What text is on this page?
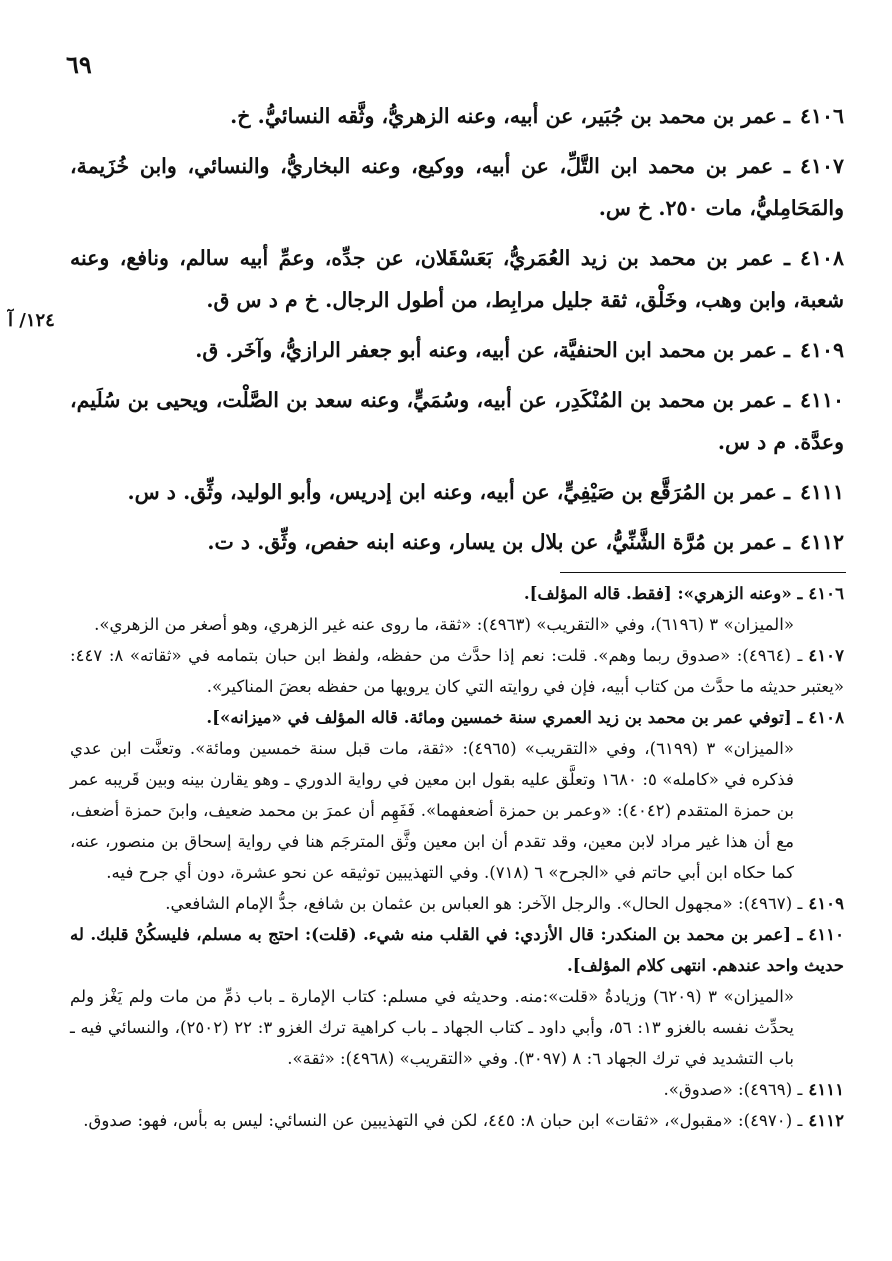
٦٩
١٢٤/ آ
٤١٠٦ـ عمر بن محمد بن جُبَير، عن أبيه، وعنه الزهريُّ، وثَّقه النسائيُّ. خ.
٤١٠٧ـ عمر بن محمد ابن التَّلِّ، عن أبيه، ووكيع، وعنه البخاريُّ، والنسائي، وابن خُزَيمة، والمَحَامِليُّ، مات ٢٥٠. خ س.
٤١٠٨ـ عمر بن محمد بن زيد العُمَريُّ، بَعَسْقَلان، عن جدِّه، وعمِّ أبيه سالم، ونافع، وعنه شعبة، وابن وهب، وخَلْق، ثقة جليل مرابِط، من أطول الرجال. خ م د س ق.
٤١٠٩ـ عمر بن محمد ابن الحنفيَّة، عن أبيه، وعنه أبو جعفر الرازيُّ، وآخَر. ق.
٤١١٠ـ عمر بن محمد بن المُنْكَدِر، عن أبيه، وسُمَيٍّ، وعنه سعد بن الصَّلْت، ويحيى بن سُلَيم، وعدَّة. م د س.
٤١١١ـ عمر بن المُرَقَّع بن صَيْفِيٍّ، عن أبيه، وعنه ابن إدريس، وأبو الوليد، وثِّق. د س.
٤١١٢ـ عمر بن مُرَّة الشَّنِّيُّ، عن بلال بن يسار، وعنه ابنه حفص، وثِّق. د ت.
٤١٠٦ـ «وعنه الزهري»: [فقط. قاله المؤلف].
«الميزان» ٣ (٦١٩٦)، وفي «التقريب» (٤٩٦٣): «ثقة، ما روى عنه غير الزهري، وهو أصغر من الزهري».
٤١٠٧ـ (٤٩٦٤): «صدوق ربما وهم». قلت: نعم إذا حدَّث من حفظه، ولفظ ابن حبان بتمامه في «ثقاته» ٨: ٤٤٧: «يعتبر حديثه ما حدَّث من كتاب أبيه، فإن في روايته التي كان يرويها من حفظه بعضَ المناكير».
٤١٠٨ـ [توفي عمر بن محمد بن زيد العمري سنة خمسين ومائة. قاله المؤلف في «ميزانه»].
«الميزان» ٣ (٦١٩٩)، وفي «التقريب» (٤٩٦٥): «ثقة، مات قبل سنة خمسين ومائة». وتعنَّت ابن عدي فذكره في «كامله» ٥: ١٦٨٠ وتعلَّق عليه بقول ابن معين في رواية الدوري ـ وهو يقارن بينه وبين قَريبه عمر بن حمزة المتقدم (٤٠٤٢): «وعمر بن حمزة أضعفهما». فَفَهِم أن عمرَ بن محمد ضعيف، وابنَ حمزة أضعف، مع أن هذا غير مراد لابن معين، وقد تقدم أن ابن معين وثَّق المترجَم هنا في رواية إسحاق بن منصور، عنه، كما حكاه ابن أبي حاتم في «الجرح» ٦ (٧١٨). وفي التهذيبين توثيقه عن نحو عشرة، دون أي جرح فيه.
٤١٠٩ـ (٤٩٦٧): «مجهول الحال». والرجل الآخر: هو العباس بن عثمان بن شافع، جدُّ الإمام الشافعي.
٤١١٠ـ [عمر بن محمد بن المنكدر: قال الأزدي: في القلب منه شيء. (قلت): احتج به مسلم، فليسكُنْ قلبك. له حديث واحد عندهم. انتهى كلام المؤلف].
«الميزان» ٣ (٦٢٠٩) وزيادةُ «قلت»:منه. وحديثه في مسلم: كتاب الإمارة ـ باب ذمِّ من مات ولم يَغْز ولم يحدِّث نفسه بالغزو ١٣: ٥٦، وأبي داود ـ كتاب الجهاد ـ باب كراهية ترك الغزو ٣: ٢٢ (٢٥٠٢)، والنسائي فيه ـ باب التشديد في ترك الجهاد ٦: ٨ (٣٠٩٧). وفي «التقريب» (٤٩٦٨): «ثقة».
٤١١١ـ (٤٩٦٩): «صدوق».
٤١١٢ـ (٤٩٧٠): «مقبول»، «ثقات» ابن حبان ٨: ٤٤٥، لكن في التهذيبين عن النسائي: ليس به بأس، فهو: صدوق.
